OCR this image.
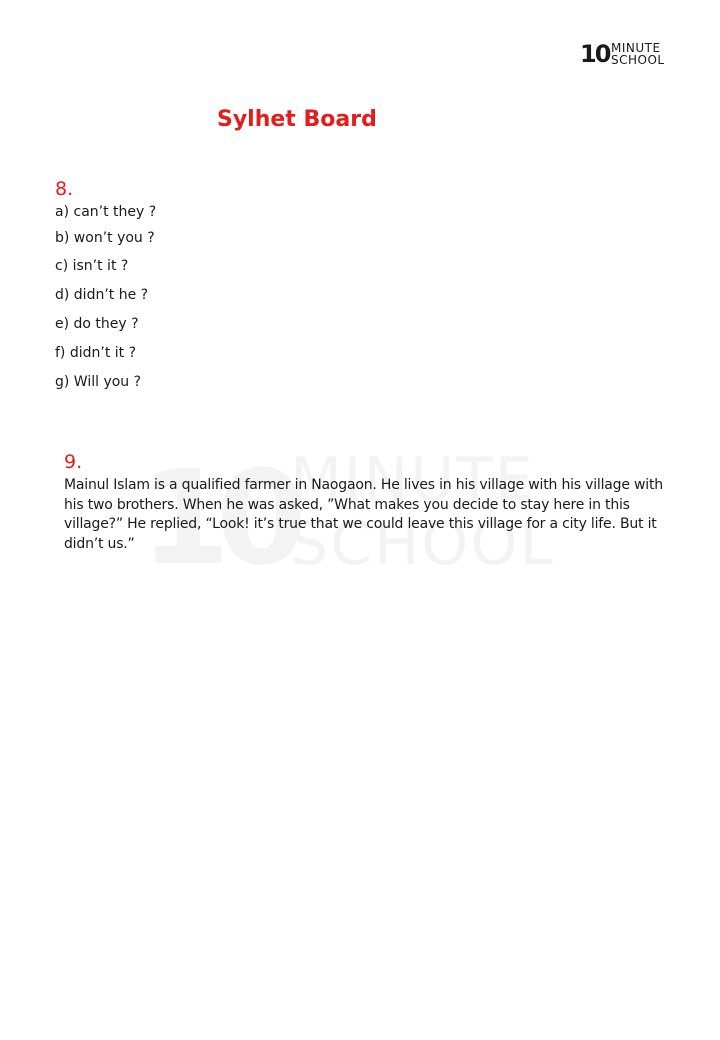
10 MINUTE
SCHOOL
Sylhet Board
8.
a) can’t they ?
b) won’t you ?
c) isn’t it ?
d) didn’t he ?
e) do they ?
f) didn’t it ?
g) Will you ?
9.

Mainul Islam is a qualified farmer in Naogaon. He lives in his village with his village with his two brothers. When he was asked, ”What makes you decide to stay here in this village?” He replied, “Look! it’s true that we could leave this village for a city life. But it didn’t us.”
